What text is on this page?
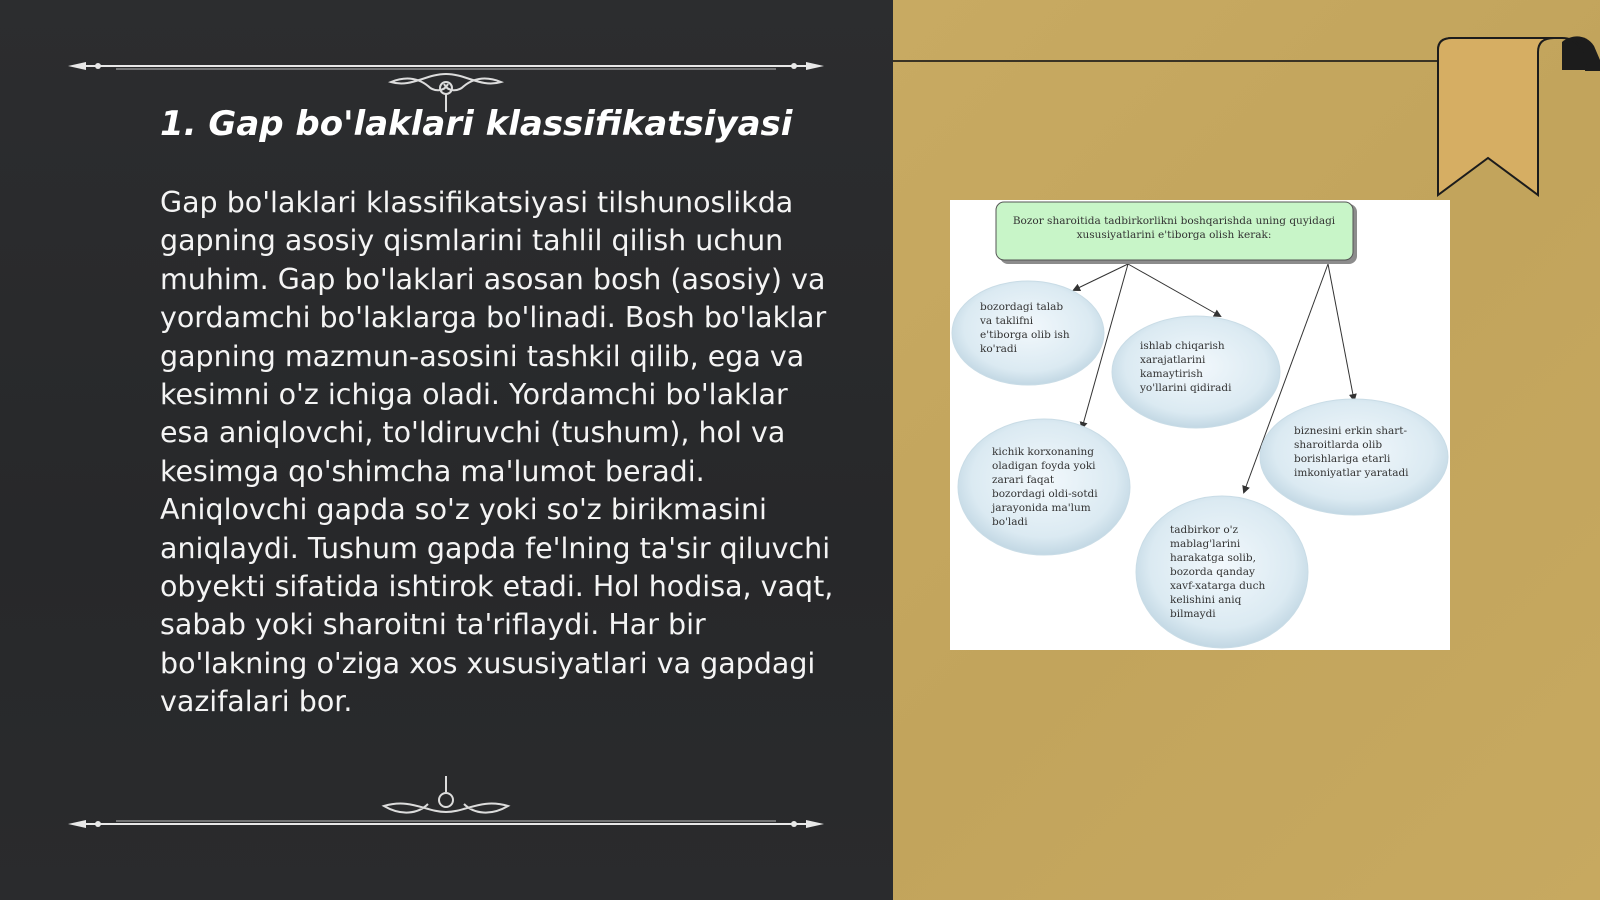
1. Gap bo'laklari klassifikatsiyasi

Gap bo'laklari klassifikatsiyasi tilshunoslikda gapning asosiy qismlarini tahlil qilish uchun muhim. Gap bo'laklari asosan bosh (asosiy) va yordamchi bo'laklarga bo'linadi. Bosh bo'laklar gapning mazmun-asosini tashkil qilib, ega va kesimni o'z ichiga oladi. Yordamchi bo'laklar esa aniqlovchi, to'ldiruvchi (tushum), hol va kesimga qo'shimcha ma'lumot beradi. Aniqlovchi gapda so'z yoki so'z birikmasini aniqlaydi. Tushum gapda fe'lning ta'sir qiluvchi obyekti sifatida ishtirok etadi. Hol hodisa, vaqt, sabab yoki sharoitni ta'riflaydi. Har bir bo'lakning o'ziga xos xususiyatlari va gapdagi vazifalari bor.

Bozor sharoitida tadbirkorlikni boshqarishda uning quyidagi
xususiyatlarini e'tiborga olish kerak:
bozordagi talab
va taklifni
e'tiborga olib ish
ko'radi	ishlab chiqarish
xarajatlarini
kamaytirish
yo'llarini qidiradi
biznesini erkin shart-
sharoitlarda olib
borishlariga etarli
imkoniyatlar yaratadi
kichik korxonaning
oladigan foyda yoki
zarari faqat
bozordagi oldi-sotdi
jarayonida ma'lum
bo'ladi
tadbirkor o'z
mablag'larini
harakatga solib,
bozorda qanday
xavf-xatarga duch
kelishini aniq
bilmaydi
